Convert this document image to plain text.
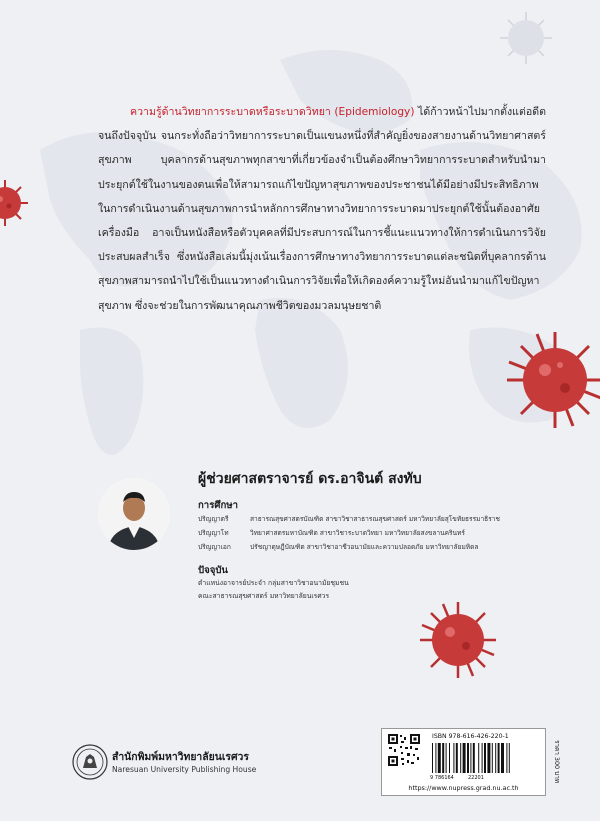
ความรู้ด้านวิทยาการระบาดหรือระบาดวิทยา (Epidemiology) ได้ก้าวหน้าไปมากตั้งแต่อดีตจนถึงปัจจุบัน จนกระทั่งถือว่าวิทยาการระบาดเป็นแขนงหนึ่งที่สำคัญยิ่งของสายงานด้านวิทยาศาสตร์สุขภาพ บุคลากรด้านสุขภาพทุกสาขาที่เกี่ยวข้องจำเป็นต้องศึกษาวิทยาการระบาดสำหรับนำมาประยุกต์ใช้ในงานของตนเพื่อให้สามารถแก้ไขปัญหาสุขภาพของประชาชนได้มีอย่างมีประสิทธิภาพ ในการดำเนินงานด้านสุขภาพการนำหลักการศึกษาทางวิทยาการระบาดมาประยุกต์ใช้นั้นต้องอาศัยเครื่องมือ อาจเป็นหนังสือหรือตัวบุคคลที่มีประสบการณ์ในการชี้แนะแนวทางให้การดำเนินการวิจัยประสบผลสำเร็จ ซึ่งหนังสือเล่มนี้มุ่งเน้นเรื่องการศึกษาทางวิทยาการระบาดแต่ละชนิดที่บุคลากรด้านสุขภาพสามารถนำไปใช้เป็นแนวทางดำเนินการวิจัยเพื่อให้เกิดองค์ความรู้ใหม่อันนำมาแก้ไขปัญหาสุขภาพ ซึ่งจะช่วยในการพัฒนาคุณภาพชีวิตของมวลมนุษยชาติ

ผู้ช่วยศาสตราจารย์ ดร.อาจินต์ สงทับ
การศึกษา
ปริญญาตรี	สาธารณสุขศาสตรบัณฑิต สาขาวิชาสาธารณสุขศาสตร์ มหาวิทยาลัยสุโขทัยธรรมาธิราช
ปริญญาโท	วิทยาศาสตรมหาบัณฑิต สาขาวิชาระบาดวิทยา มหาวิทยาลัยสงขลานครินทร์
ปริญญาเอก	ปรัชญาดุษฎีบัณฑิต สาขาวิชาอาชีวอนามัยและความปลอดภัย มหาวิทยาลัยมหิดล
ปัจจุบัน
ตำแหน่งอาจารย์ประจำ กลุ่มสาขาวิชาอนามัยชุมชน
คณะสาธารณสุขศาสตร์ มหาวิทยาลัยนเรศวร
สำนักพิมพ์มหาวิทยาลัยนเรศวร
Naresuan University Publishing House
ISBN 978-616-426-220-1
9 786164	22201
https://www.nupress.grad.nu.ac.th
ราคา 300 บาท
